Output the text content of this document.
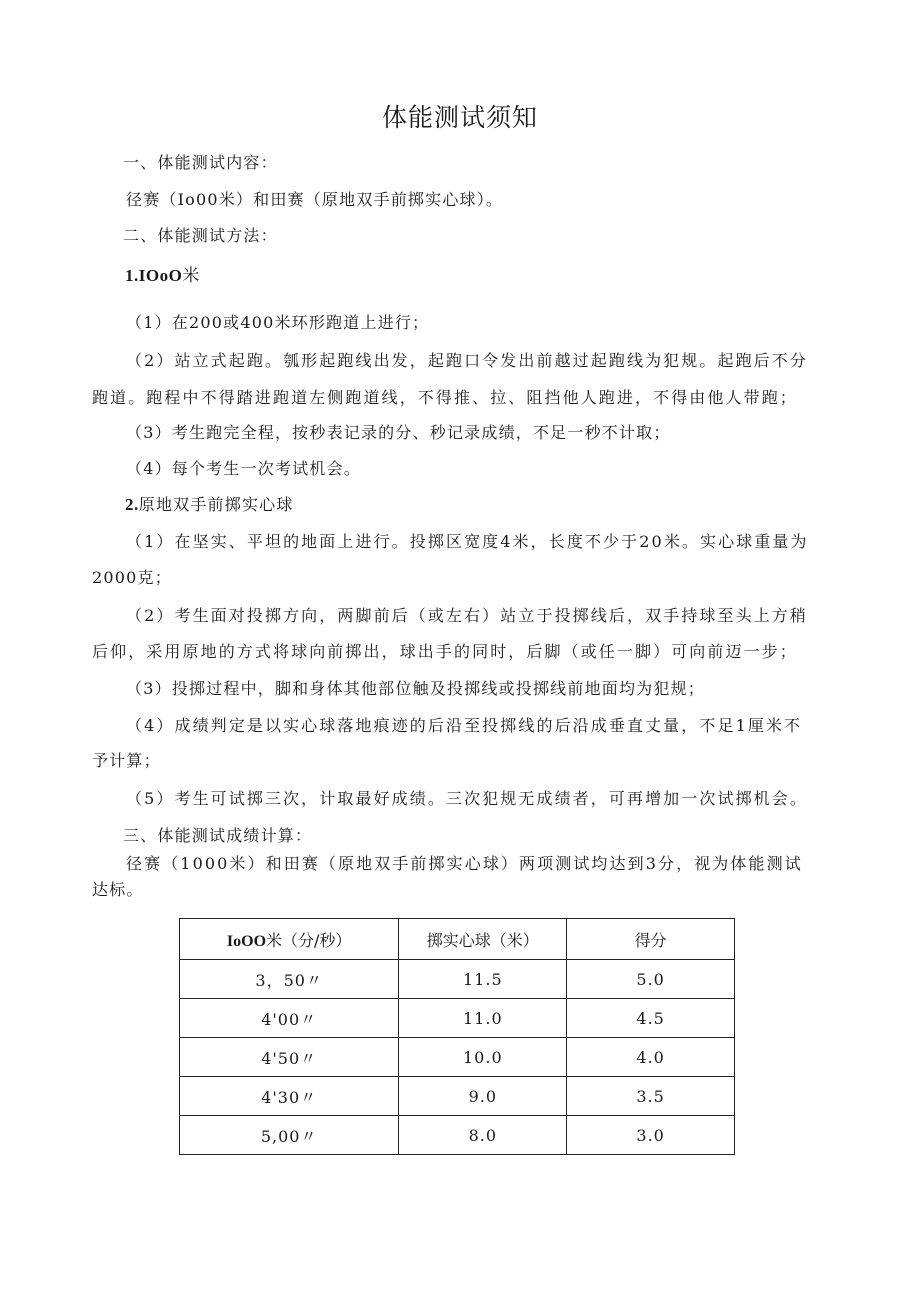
体能测试须知
一、体能测试内容：
径赛（Io00米）和田赛（原地双手前掷实心球）。
二、体能测试方法：
1.IOoO米
（1）在200或400米环形跑道上进行；
（2）站立式起跑。瓠形起跑线出发，起跑口令发出前越过起跑线为犯规。起跑后不分
跑道。跑程中不得踏进跑道左侧跑道线，不得推、拉、阻挡他人跑进，不得由他人带跑；
（3）考生跑完全程，按秒表记录的分、秒记录成绩，不足一秒不计取；
（4）每个考生一次考试机会。
2.原地双手前掷实心球
（1）在坚实、平坦的地面上进行。投掷区宽度4米，长度不少于20米。实心球重量为
2000克；
（2）考生面对投掷方向，两脚前后（或左右）站立于投掷线后，双手持球至头上方稍
后仰，采用原地的方式将球向前掷出，球出手的同时，后脚（或任一脚）可向前迈一步；
（3）投掷过程中，脚和身体其他部位触及投掷线或投掷线前地面均为犯规；
（4）成绩判定是以实心球落地痕迹的后沿至投掷线的后沿成垂直丈量，不足1厘米不
予计算；
（5）考生可试掷三次，计取最好成绩。三次犯规无成绩者，可再增加一次试掷机会。
三、体能测试成绩计算：
径赛（1000米）和田赛（原地双手前掷实心球）两项测试均达到3分，视为体能测试
达标。
IoOO米（分/秒）	掷实心球（米）	得分
3，50〃	11.5	5.0
4'00〃	11.0	4.5
4'50〃	10.0	4.0
4'30〃	9.0	3.5
5,00〃	8.0	3.0
